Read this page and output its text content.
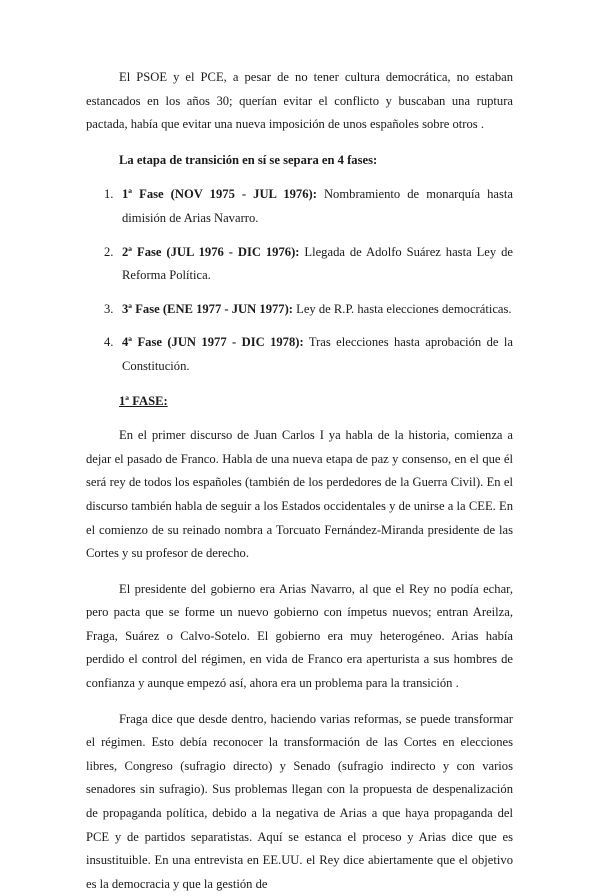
El PSOE y el PCE, a pesar de no tener cultura democrática, no estaban estancados en los años 30; querían evitar el conflicto y buscaban una ruptura pactada, había que evitar una nueva imposición de unos españoles sobre otros .

La etapa de transición en sí se separa en 4 fases:

1. 1ª Fase (NOV 1975 - JUL 1976): Nombramiento de monarquía hasta dimisión de Arias Navarro.
2. 2ª Fase (JUL 1976 - DIC 1976): Llegada de Adolfo Suárez hasta Ley de Reforma Política.
3. 3ª Fase (ENE 1977 - JUN 1977): Ley de R.P. hasta elecciones democráticas.
4. 4ª Fase (JUN 1977 - DIC 1978): Tras elecciones hasta aprobación de la Constitución.

1ª FASE:

En el primer discurso de Juan Carlos I ya habla de la historia, comienza a dejar el pasado de Franco. Habla de una nueva etapa de paz y consenso, en el que él será rey de todos los españoles (también de los perdedores de la Guerra Civil). En el discurso también habla de seguir a los Estados occidentales y de unirse a la CEE. En el comienzo de su reinado nombra a Torcuato Fernández-Miranda presidente de las Cortes y su profesor de derecho.

El presidente del gobierno era Arias Navarro, al que el Rey no podía echar, pero pacta que se forme un nuevo gobierno con ímpetus nuevos; entran Areilza, Fraga, Suárez o Calvo-Sotelo. El gobierno era muy heterogéneo. Arias había perdido el control del régimen, en vida de Franco era aperturista a sus hombres de confianza y aunque empezó así, ahora era un problema para la transición .

Fraga dice que desde dentro, haciendo varias reformas, se puede transformar el régimen. Esto debía reconocer la transformación de las Cortes en elecciones libres, Congreso (sufragio directo) y Senado (sufragio indirecto y con varios senadores sin sufragio). Sus problemas llegan con la propuesta de despenalización de propaganda política, debido a la negativa de Arias a que haya propaganda del PCE y de partidos separatistas. Aquí se estanca el proceso y Arias dice que es insustituible. En una entrevista en EE.UU. el Rey dice abiertamente que el objetivo es la democracia y que la gestión de
